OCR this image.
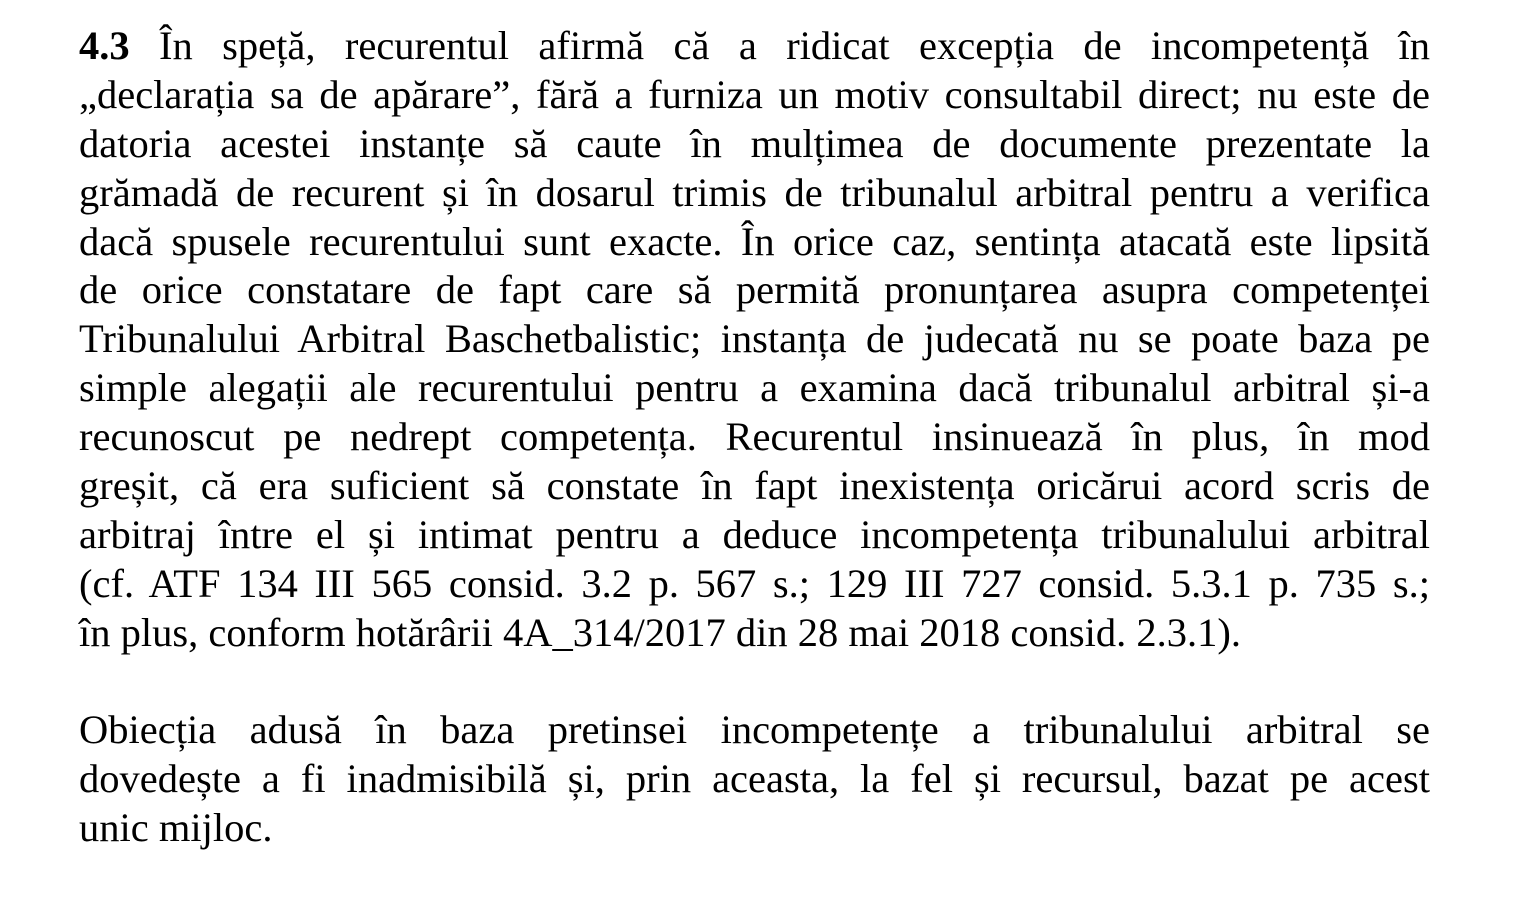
4.3 În speță, recurentul afirmă că a ridicat excepția de incompetență în
„declarația sa de apărare”, fără a furniza un motiv consultabil direct; nu este de
datoria acestei instanțe să caute în mulțimea de documente prezentate la
grămadă de recurent și în dosarul trimis de tribunalul arbitral pentru a verifica
dacă spusele recurentului sunt exacte. În orice caz, sentința atacată este lipsită
de orice constatare de fapt care să permită pronunțarea asupra competenței
Tribunalului Arbitral Baschetbalistic; instanța de judecată nu se poate baza pe
simple alegații ale recurentului pentru a examina dacă tribunalul arbitral și-a
recunoscut pe nedrept competența. Recurentul insinuează în plus, în mod
greșit, că era suficient să constate în fapt inexistența oricărui acord scris de
arbitraj între el și intimat pentru a deduce incompetența tribunalului arbitral
(cf. ATF 134 III 565 consid. 3.2 p. 567 s.; 129 III 727 consid. 5.3.1 p. 735 s.;
în plus, conform hotărârii 4A_314/2017 din 28 mai 2018 consid. 2.3.1).
Obiecția adusă în baza pretinsei incompetențe a tribunalului arbitral se
dovedește a fi inadmisibilă și, prin aceasta, la fel și recursul, bazat pe acest
unic mijloc.
